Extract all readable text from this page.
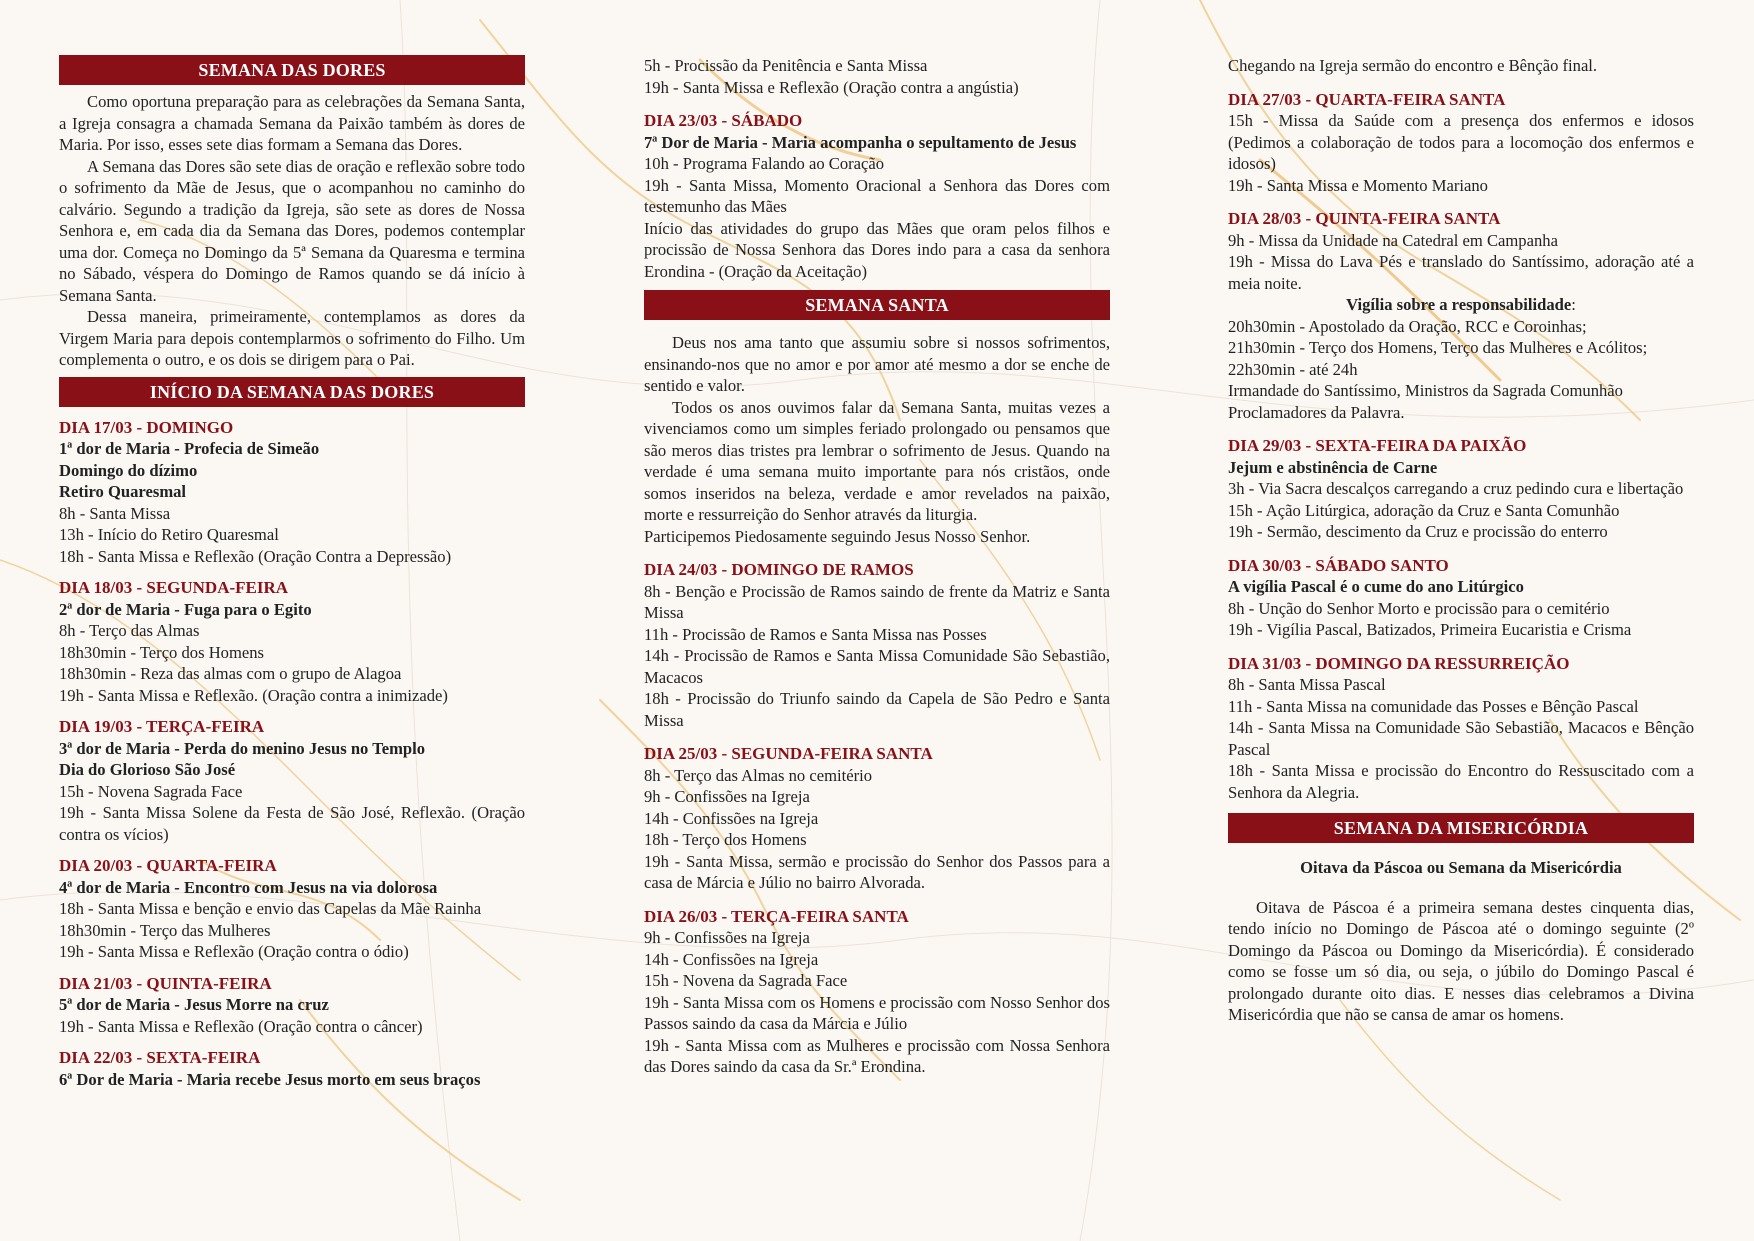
SEMANA DAS DORES

Como oportuna preparação para as celebrações da Semana Santa, a Igreja consagra a chamada Semana da Paixão também às dores de Maria. Por isso, esses sete dias formam a Semana das Dores.

A Semana das Dores são sete dias de oração e reflexão sobre todo o sofrimento da Mãe de Jesus, que o acompanhou no caminho do calvário. Segundo a tradição da Igreja, são sete as dores de Nossa Senhora e, em cada dia da Semana das Dores, podemos contemplar uma dor. Começa no Domingo da 5ª Semana da Quaresma e termina no Sábado, véspera do Domingo de Ramos quando se dá início à Semana Santa.

Dessa maneira, primeiramente, contemplamos as dores da Virgem Maria para depois contemplarmos o sofrimento do Filho. Um complementa o outro, e os dois se dirigem para o Pai.

INÍCIO DA SEMANA DAS DORES
DIA 17/03 - DOMINGO
1ª dor de Maria - Profecia de Simeão
Domingo do dízimo
Retiro Quaresmal
8h - Santa Missa
13h - Início do Retiro Quaresmal
18h - Santa Missa e Reflexão (Oração Contra a Depressão)
DIA 18/03 - SEGUNDA-FEIRA
2ª dor de Maria - Fuga para o Egito
8h - Terço das Almas
18h30min - Terço dos Homens
18h30min - Reza das almas com o grupo de Alagoa
19h - Santa Missa e Reflexão. (Oração contra a inimizade)
DIA 19/03 - TERÇA-FEIRA
3ª dor de Maria - Perda do menino Jesus no Templo
Dia do Glorioso São José
15h - Novena Sagrada Face
19h - Santa Missa Solene da Festa de São José, Reflexão. (Oração contra os vícios)
DIA 20/03 - QUARTA-FEIRA
4ª dor de Maria - Encontro com Jesus na via dolorosa
18h - Santa Missa e benção e envio das Capelas da Mãe Rainha
18h30min - Terço das Mulheres
19h - Santa Missa e Reflexão (Oração contra o ódio)
DIA 21/03 - QUINTA-FEIRA
5ª dor de Maria - Jesus Morre na cruz
19h - Santa Missa e Reflexão (Oração contra o câncer)
DIA 22/03 - SEXTA-FEIRA
6ª Dor de Maria - Maria recebe Jesus morto em seus braços
5h - Procissão da Penitência e Santa Missa
19h - Santa Missa e Reflexão (Oração contra a angústia)
DIA 23/03 - SÁBADO
7ª Dor de Maria - Maria acompanha o sepultamento de Jesus
10h - Programa Falando ao Coração
19h - Santa Missa, Momento Oracional a Senhora das Dores com testemunho das Mães
Início das atividades do grupo das Mães que oram pelos filhos e procissão de Nossa Senhora das Dores indo para a casa da senhora Erondina - (Oração da Aceitação)
SEMANA SANTA

Deus nos ama tanto que assumiu sobre si nossos sofrimentos, ensinando-nos que no amor e por amor até mesmo a dor se enche de sentido e valor.

Todos os anos ouvimos falar da Semana Santa, muitas vezes a vivenciamos como um simples feriado prolongado ou pensamos que são meros dias tristes pra lembrar o sofrimento de Jesus. Quando na verdade é uma semana muito importante para nós cristãos, onde somos inseridos na beleza, verdade e amor revelados na paixão, morte e ressurreição do Senhor através da liturgia.

Participemos Piedosamente seguindo Jesus Nosso Senhor.

DIA 24/03 - DOMINGO DE RAMOS
8h - Benção e Procissão de Ramos saindo de frente da Matriz e Santa Missa
11h - Procissão de Ramos e Santa Missa nas Posses
14h - Procissão de Ramos e Santa Missa Comunidade São Sebastião, Macacos
18h - Procissão do Triunfo saindo da Capela de São Pedro e Santa Missa
DIA 25/03 - SEGUNDA-FEIRA SANTA
8h - Terço das Almas no cemitério
9h - Confissões na Igreja
14h - Confissões na Igreja
18h - Terço dos Homens
19h - Santa Missa, sermão e procissão do Senhor dos Passos para a casa de Márcia e Júlio no bairro Alvorada.
DIA 26/03 - TERÇA-FEIRA SANTA
9h - Confissões na Igreja
14h - Confissões na Igreja
15h - Novena da Sagrada Face
19h - Santa Missa com os Homens e procissão com Nosso Senhor dos Passos saindo da casa da Márcia e Júlio
19h - Santa Missa com as Mulheres e procissão com Nossa Senhora das Dores saindo da casa da Sr.ª Erondina.
Chegando na Igreja sermão do encontro e Bênção final.
DIA 27/03 - QUARTA-FEIRA SANTA
15h - Missa da Saúde com a presença dos enfermos e idosos (Pedimos a colaboração de todos para a locomoção dos enfermos e idosos)
19h - Santa Missa e Momento Mariano
DIA 28/03 - QUINTA-FEIRA SANTA
9h - Missa da Unidade na Catedral em Campanha
19h - Missa do Lava Pés e translado do Santíssimo, adoração até a meia noite.
Vigília sobre a responsabilidade:
20h30min - Apostolado da Oração, RCC e Coroinhas;
21h30min - Terço dos Homens, Terço das Mulheres e Acólitos;
22h30min - até 24h
Irmandade do Santíssimo, Ministros da Sagrada Comunhão Proclamadores da Palavra.
DIA 29/03 - SEXTA-FEIRA DA PAIXÃO
Jejum e abstinência de Carne
3h - Via Sacra descalços carregando a cruz pedindo cura e libertação
15h - Ação Litúrgica, adoração da Cruz e Santa Comunhão
19h - Sermão, descimento da Cruz e procissão do enterro
DIA 30/03 - SÁBADO SANTO
A vigília Pascal é o cume do ano Litúrgico
8h - Unção do Senhor Morto e procissão para o cemitério
19h - Vigília Pascal, Batizados, Primeira Eucaristia e Crisma
DIA 31/03 - DOMINGO DA RESSURREIÇÃO
8h - Santa Missa Pascal
11h - Santa Missa na comunidade das Posses e Bênção Pascal
14h - Santa Missa na Comunidade São Sebastião, Macacos e Bênção Pascal
18h - Santa Missa e procissão do Encontro do Ressuscitado com a Senhora da Alegria.
SEMANA DA MISERICÓRDIA
Oitava da Páscoa ou Semana da Misericórdia

Oitava de Páscoa é a primeira semana destes cinquenta dias, tendo início no Domingo de Páscoa até o domingo seguinte (2º Domingo da Páscoa ou Domingo da Misericórdia). É considerado como se fosse um só dia, ou seja, o júbilo do Domingo Pascal é prolongado durante oito dias. E nesses dias celebramos a Divina Misericórdia que não se cansa de amar os homens.
